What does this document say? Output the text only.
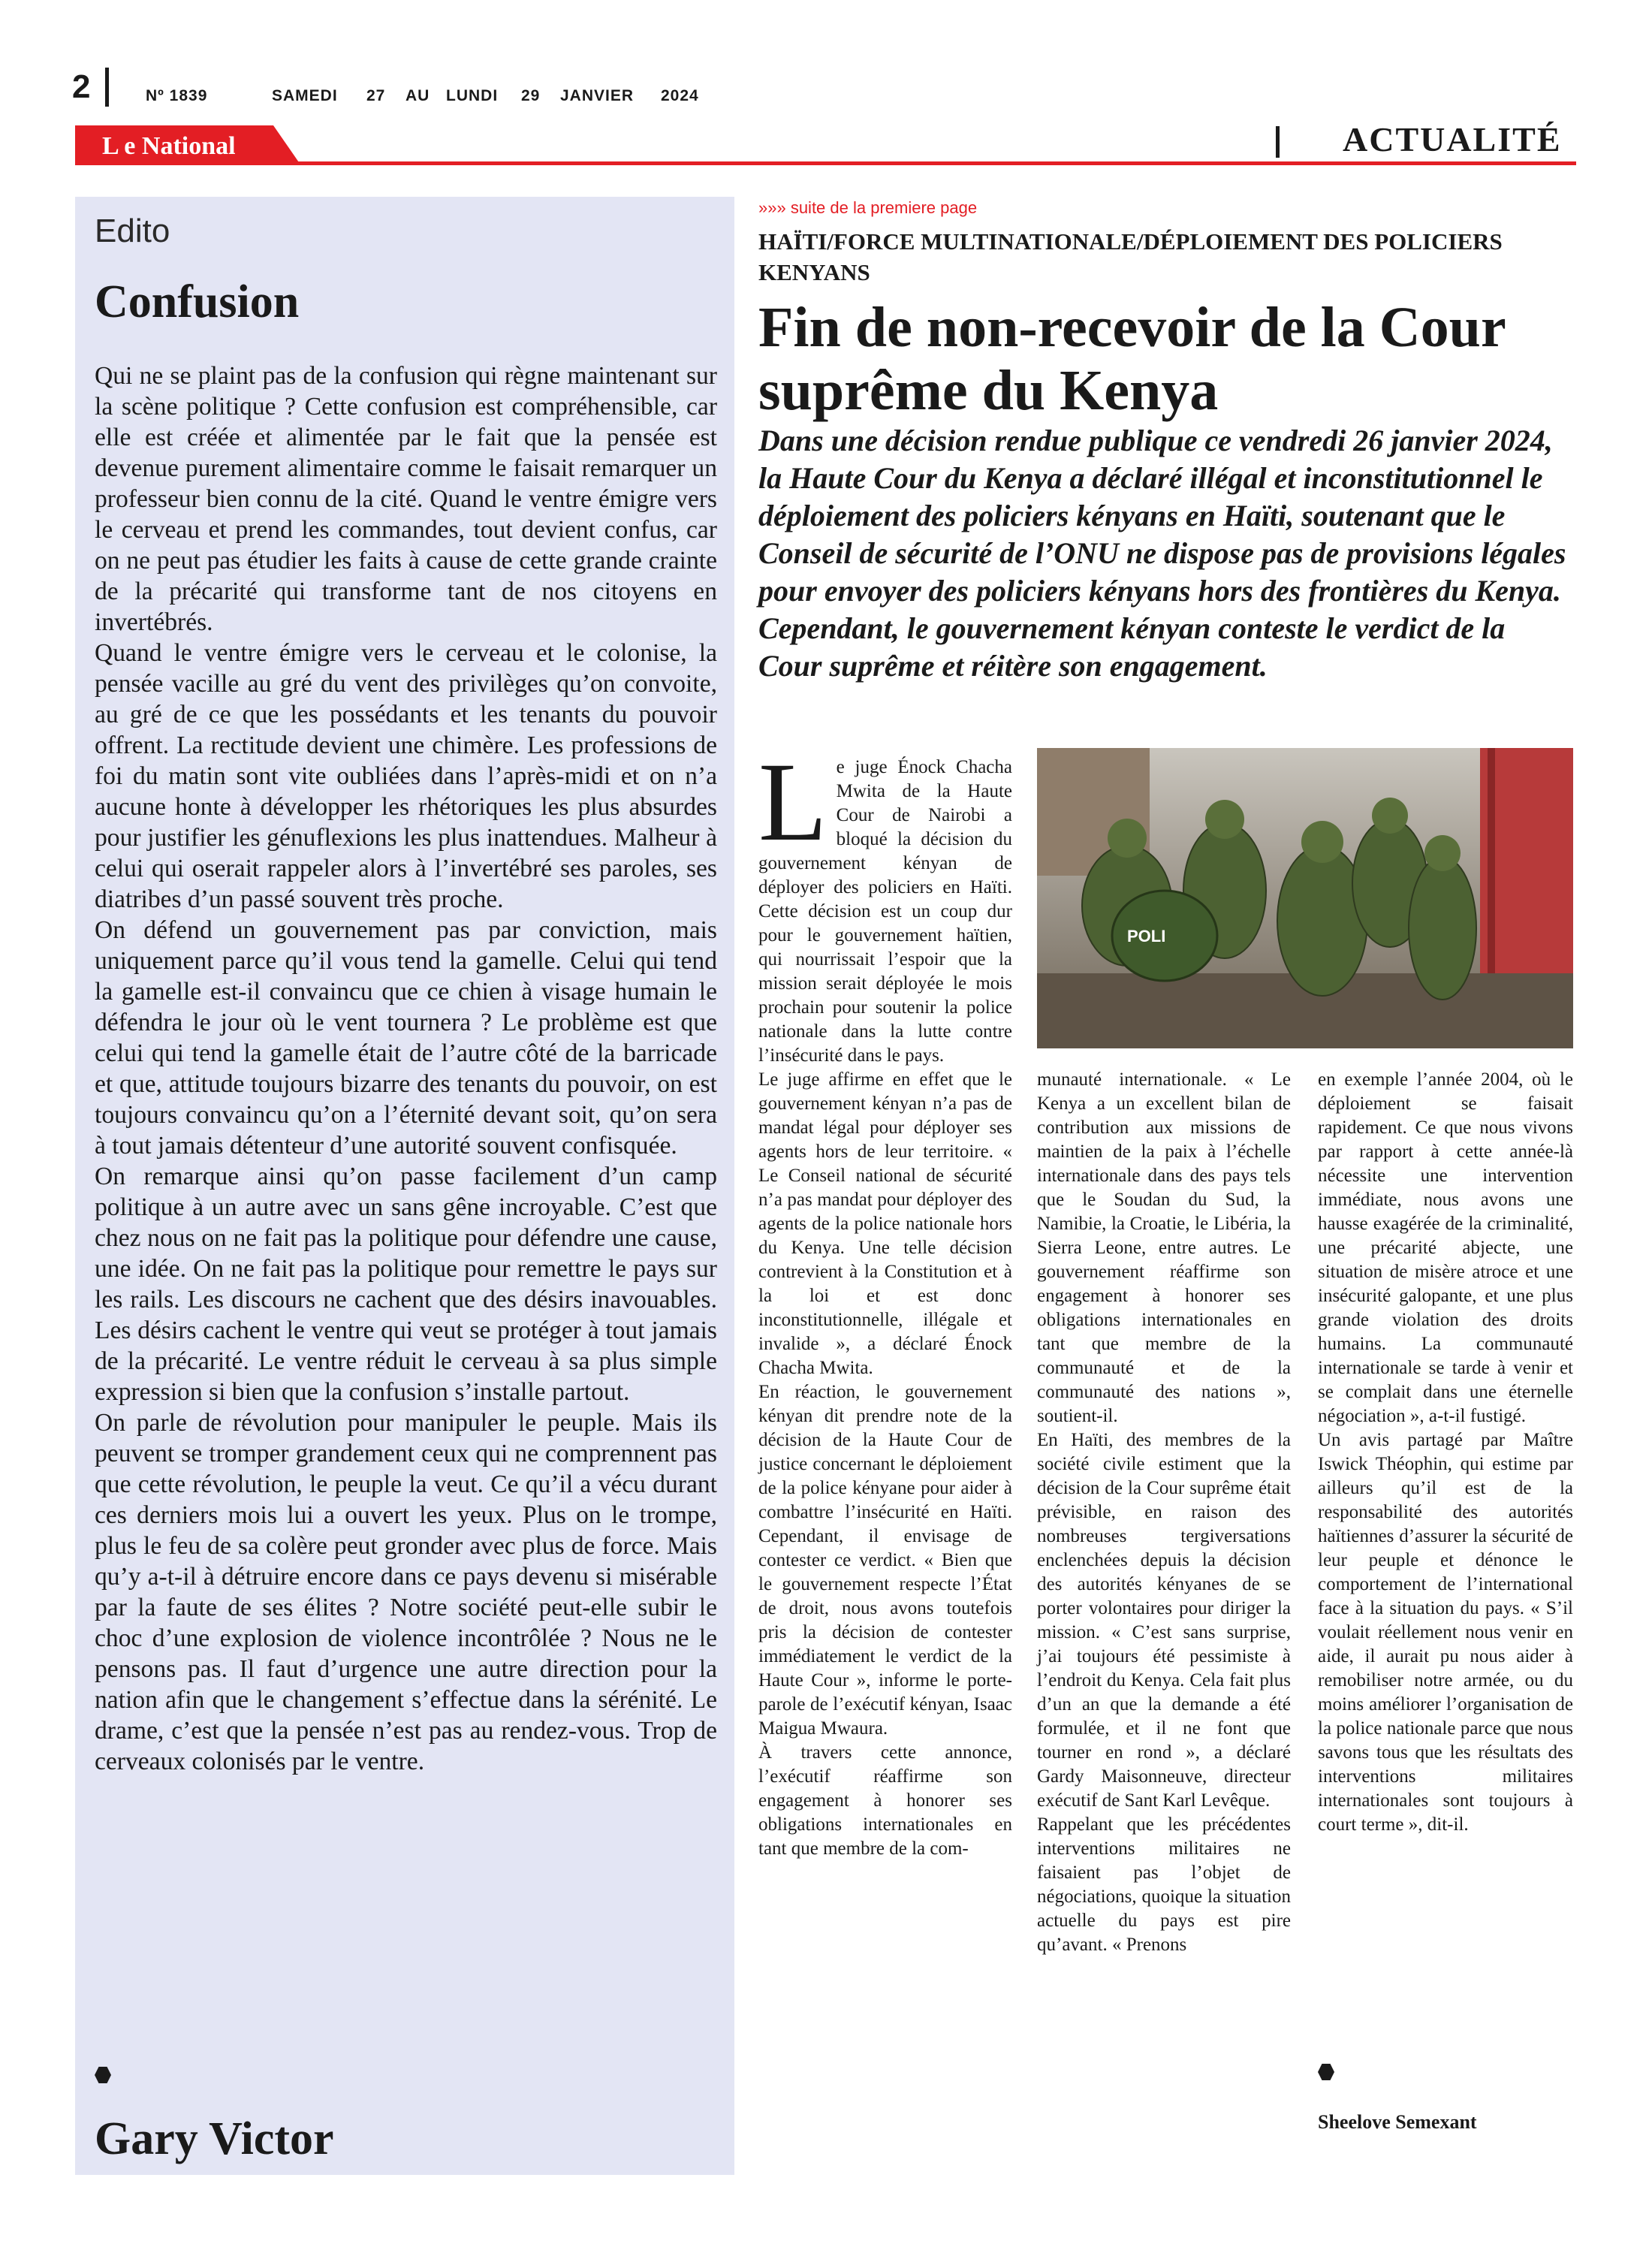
2	Nº 1839	SAMEDI 27 AU LUNDI 29 JANVIER 2024
L e National	ACTUALITÉ
Edito
Confusion

Qui ne se plaint pas de la confusion qui règne maintenant sur la scène politique ? Cette confusion est compréhensible, car elle est créée et alimentée par le fait que la pensée est devenue purement alimentaire comme le faisait remarquer un professeur bien connu de la cité. Quand le ventre émigre vers le cerveau et prend les commandes, tout devient confus, car on ne peut pas étudier les faits à cause de cette grande crainte de la précarité qui transforme tant de nos citoyens en invertébrés.

Quand le ventre émigre vers le cerveau et le colonise, la pensée vacille au gré du vent des privilèges qu’on convoite, au gré de ce que les possédants et les tenants du pouvoir offrent. La rectitude devient une chimère. Les professions de foi du matin sont vite oubliées dans l’après-midi et on n’a aucune honte à développer les rhétoriques les plus absurdes pour justifier les génuflexions les plus inattendues. Malheur à celui qui oserait rappeler alors à l’invertébré ses paroles, ses diatribes d’un passé souvent très proche.

On défend un gouvernement pas par conviction, mais uniquement parce qu’il vous tend la gamelle. Celui qui tend la gamelle est-il convaincu que ce chien à visage humain le défendra le jour où le vent tournera ? Le problème est que celui qui tend la gamelle était de l’autre côté de la barricade et que, attitude toujours bizarre des tenants du pouvoir, on est toujours convaincu qu’on a l’éternité devant soit, qu’on sera à tout jamais détenteur d’une autorité souvent confisquée.

On remarque ainsi qu’on passe facilement d’un camp politique à un autre avec un sans gêne incroyable. C’est que chez nous on ne fait pas la politique pour défendre une cause, une idée. On ne fait pas la politique pour remettre le pays sur les rails. Les discours ne cachent que des désirs inavouables. Les désirs cachent le ventre qui veut se protéger à tout jamais de la précarité. Le ventre réduit le cerveau à sa plus simple expression si bien que la confusion s’installe partout.

On parle de révolution pour manipuler le peuple. Mais ils peuvent se tromper grandement ceux qui ne comprennent pas que cette révolution, le peuple la veut. Ce qu’il a vécu durant ces derniers mois lui a ouvert les yeux. Plus on le trompe, plus le feu de sa colère peut gronder avec plus de force. Mais qu’y a-t-il à détruire encore dans ce pays devenu si misérable par la faute de ses élites ? Notre société peut-elle subir le choc d’une explosion de violence incontrôlée ? Nous ne le pensons pas. Il faut d’urgence une autre direction pour la nation afin que le changement s’effectue dans la sérénité. Le drame, c’est que la pensée n’est pas au rendez-vous. Trop de cerveaux colonisés par le ventre.

Gary Victor
»»» suite de la premiere page
HAÏTI/FORCE MULTINATIONALE/DÉPLOIEMENT DES POLICIERS KENYANS
Fin de non-recevoir de la Cour suprême du Kenya
Dans une décision rendue publique ce vendredi 26 janvier 2024, la Haute Cour du Kenya a déclaré illégal et inconstitutionnel le déploiement des policiers kényans en Haïti, soutenant que le Conseil de sécurité de l’ONU ne dispose pas de provisions légales pour envoyer des policiers kényans hors des frontières du Kenya. Cependant, le gouvernement kényan conteste le verdict de la Cour suprême et réitère son engagement.
L e juge Énock Chacha Mwita de la Haute Cour de Nairobi a bloqué la décision du gouvernement kényan de déployer des policiers en Haïti. Cette décision est un coup dur pour le gouvernement haïtien, qui nourrissait l’espoir que la mission serait déployée le mois prochain pour soutenir la police nationale dans la lutte contre l’insécurité dans le pays.

Le juge affirme en effet que le gouvernement kényan n’a pas de mandat légal pour déployer ses agents hors de leur territoire. « Le Conseil national de sécurité n’a pas mandat pour déployer des agents de la police nationale hors du Kenya. Une telle décision contrevient à la Constitution et à la loi et est donc inconstitutionnelle, illégale et invalide », a déclaré Énock Chacha Mwita.

En réaction, le gouvernement kényan dit prendre note de la décision de la Haute Cour de justice concernant le déploiement de la police kényane pour aider à combattre l’insécurité en Haïti. Cependant, il envisage de contester ce verdict. « Bien que le gouvernement respecte l’État de droit, nous avons toutefois pris la décision de contester immédiatement le verdict de la Haute Cour », informe le porte-parole de l’exécutif kényan, Isaac Maigua Mwaura.

À travers cette annonce, l’exécutif réaffirme son engagement à honorer ses obligations internationales en tant que membre de la com-

POLI

munauté internationale. « Le Kenya a un excellent bilan de contribution aux missions de maintien de la paix à l’échelle internationale dans des pays tels que le Soudan du Sud, la Namibie, la Croatie, le Libéria, la Sierra Leone, entre autres. Le gouvernement réaffirme son engagement à honorer ses obligations internationales en tant que membre de la communauté et de la communauté des nations », soutient-il.

En Haïti, des membres de la société civile estiment que la décision de la Cour suprême était prévisible, en raison des nombreuses tergiversations enclenchées depuis la décision des autorités kényanes de se porter volontaires pour diriger la mission. « C’est sans surprise, j’ai toujours été pessimiste à l’endroit du Kenya. Cela fait plus d’un an que la demande a été formulée, et il ne font que tourner en rond », a déclaré Gardy Maisonneuve, directeur exécutif de Sant Karl Levêque.

Rappelant que les précédentes interventions militaires ne faisaient pas l’objet de négociations, quoique la situation actuelle du pays est pire qu’avant. « Prenons

en exemple l’année 2004, où le déploiement se faisait rapidement. Ce que nous vivons par rapport à cette année-là nécessite une intervention immédiate, nous avons une hausse exagérée de la criminalité, une précarité abjecte, une situation de misère atroce et une insécurité galopante, et une plus grande violation des droits humains. La communauté internationale se tarde à venir et se complait dans une éternelle négociation », a-t-il fustigé.

Un avis partagé par Maître Iswick Théophin, qui estime par ailleurs qu’il est de la responsabilité des autorités haïtiennes d’assurer la sécurité de leur peuple et dénonce le comportement de l’international face à la situation du pays. « S’il voulait réellement nous venir en aide, il aurait pu nous aider à remobiliser notre armée, ou du moins améliorer l’organisation de la police nationale parce que nous savons tous que les résultats des interventions militaires internationales sont toujours à court terme », dit-il.

Sheelove Semexant
